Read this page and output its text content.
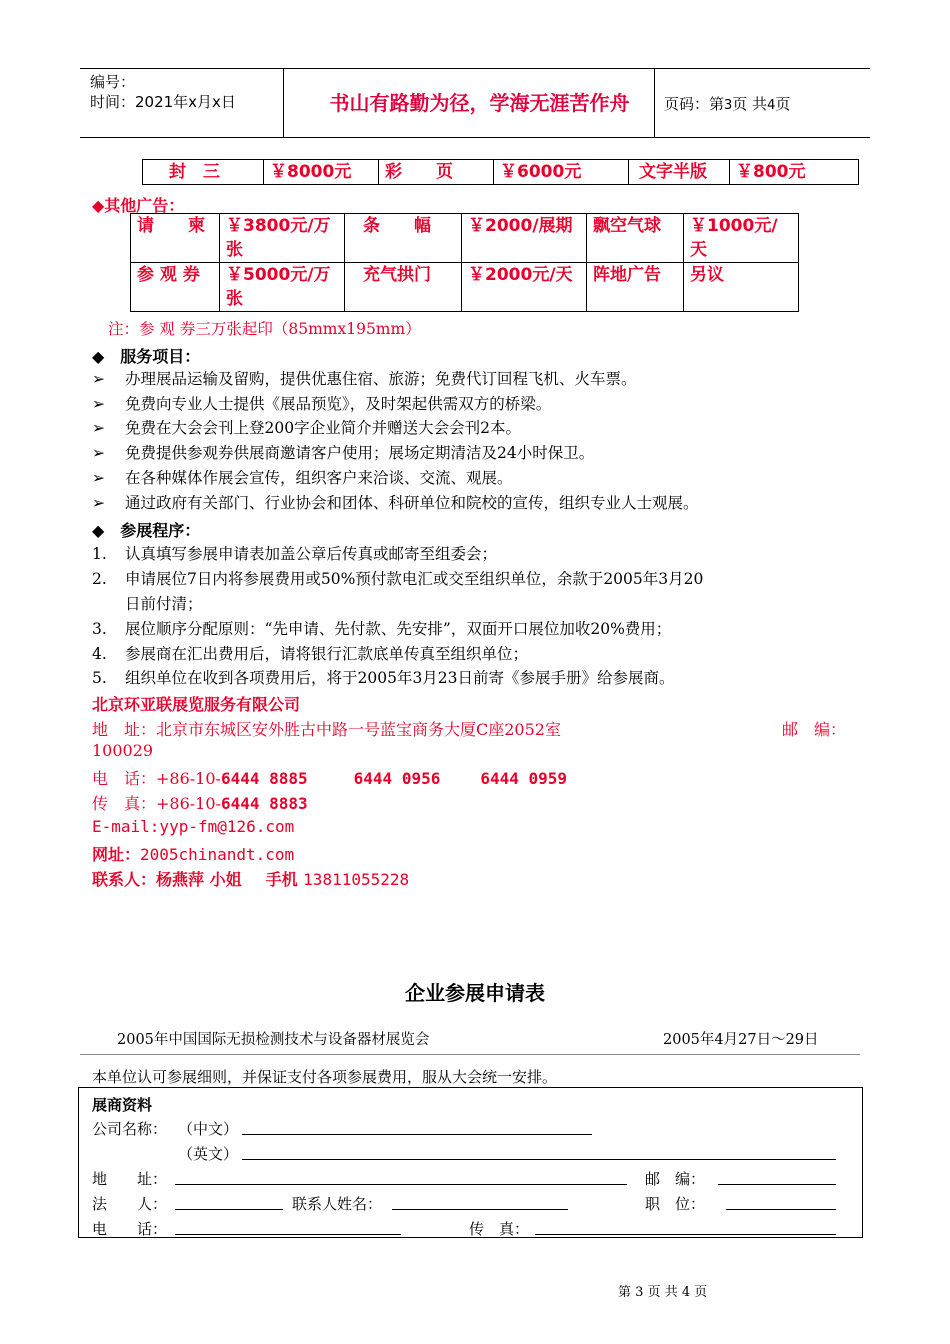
编号：
时间：2021年x月x日	书山有路勤为径，学海无涯苦作舟	页码：第3页 共4页
封　三	￥8000元	彩　　页	￥6000元	文字半版	￥800元
◆其他广告：
请　　柬	￥3800元/万张	条　　幅	￥2000/展期	飘空气球	￥1000元/天
参 观 券	￥5000元/万张	充气拱门	￥2000元/天	阵地广告	另议
注：参 观 券三万张起印（85mmx195mm）
◆　服务项目：
➢ 办理展品运输及留购，提供优惠住宿、旅游；免费代订回程飞机、火车票。
➢ 免费向专业人士提供《展品预览》，及时架起供需双方的桥梁。
➢ 免费在大会会刊上登200字企业简介并赠送大会会刊2本。
➢ 免费提供参观券供展商邀请客户使用；展场定期清洁及24小时保卫。
➢ 在各种媒体作展会宣传，组织客户来洽谈、交流、观展。
➢ 通过政府有关部门、行业协会和团体、科研单位和院校的宣传，组织专业人士观展。
◆　参展程序：
1. 认真填写参展申请表加盖公章后传真或邮寄至组委会；
2. 申请展位7日内将参展费用或50%预付款电汇或交至组织单位，余款于2005年3月20
日前付清；
3. 展位顺序分配原则：“先申请、先付款、先安排”，双面开口展位加收20%费用；
4. 参展商在汇出费用后，请将银行汇款底单传真至组织单位；
5. 组织单位在收到各项费用后，将于2005年3月23日前寄《参展手册》给参展商。
北京环亚联展览服务有限公司
地　址：北京市东城区安外胜古中路一号蓝宝商务大厦C座2052室	邮　编：
100029
电　话：+86-10-6444 8885	6444 0956	6444 0959
传　真：+86-10-6444 8883
E-mail:yyp-fm@126.com
网址：2005chinandt.com
联系人：杨燕萍 小姐 手机 13811055228
企业参展申请表
2005年中国国际无损检测技术与设备器材展览会	2005年4月27日～29日
本单位认可参展细则，并保证支付各项参展费用，服从大会统一安排。
展商资料
公司名称： （中文）
（英文）
地　　址：	邮　编：
法　　人：	联系人姓名：	职　位：
电　　话：	传　真：
第 3 页 共 4 页
